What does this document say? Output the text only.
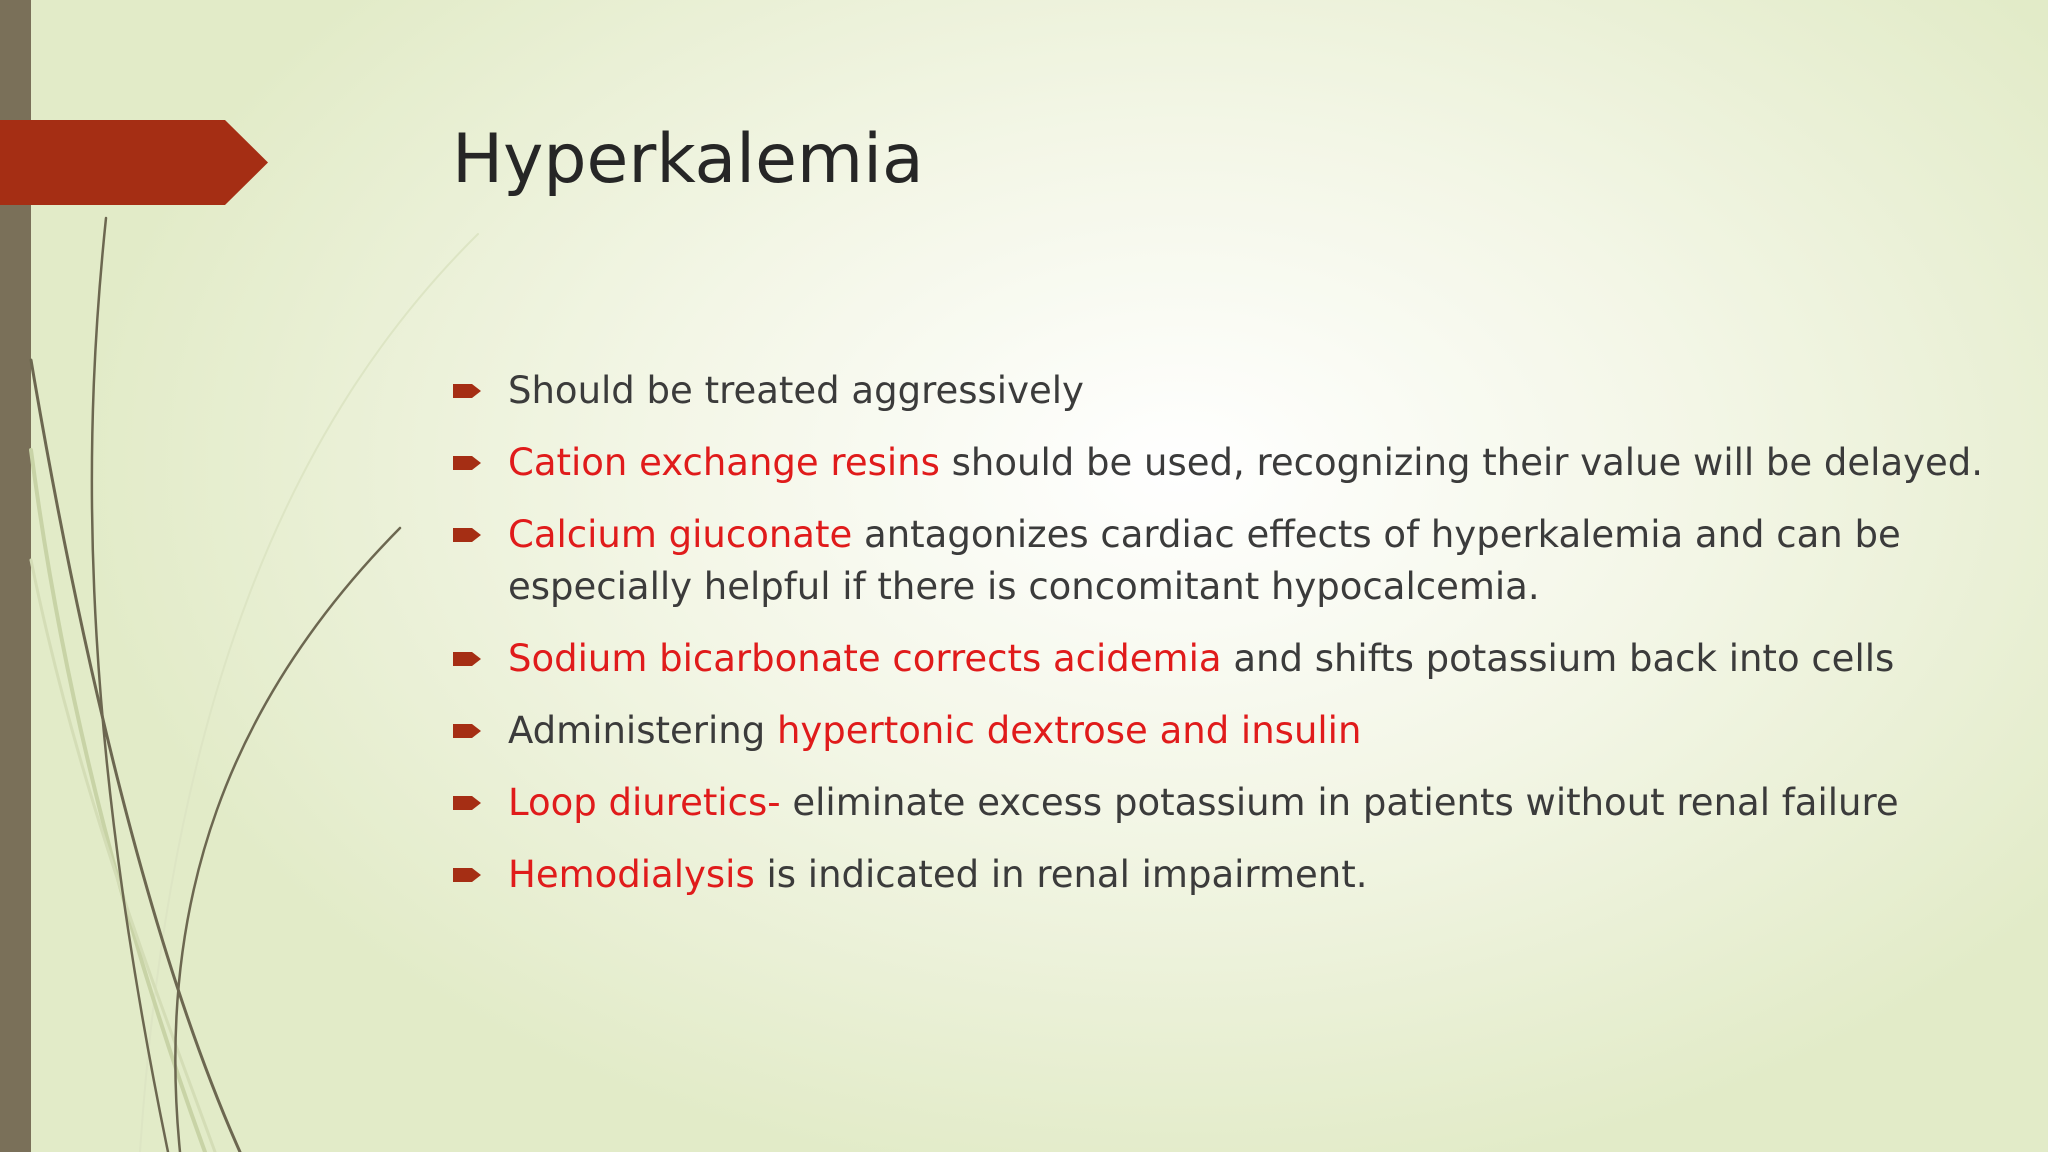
Hyperkalemia
Should be treated aggressively
Cation exchange resins should be used, recognizing their value will be delayed.
Calcium giuconate antagonizes cardiac effects of hyperkalemia and can be especially helpful if there is concomitant hypocalcemia.
Sodium bicarbonate corrects acidemia and shifts potassium back into cells
Administering hypertonic dextrose and insulin
Loop diuretics- eliminate excess potassium in patients without renal failure
Hemodialysis is indicated in renal impairment.
